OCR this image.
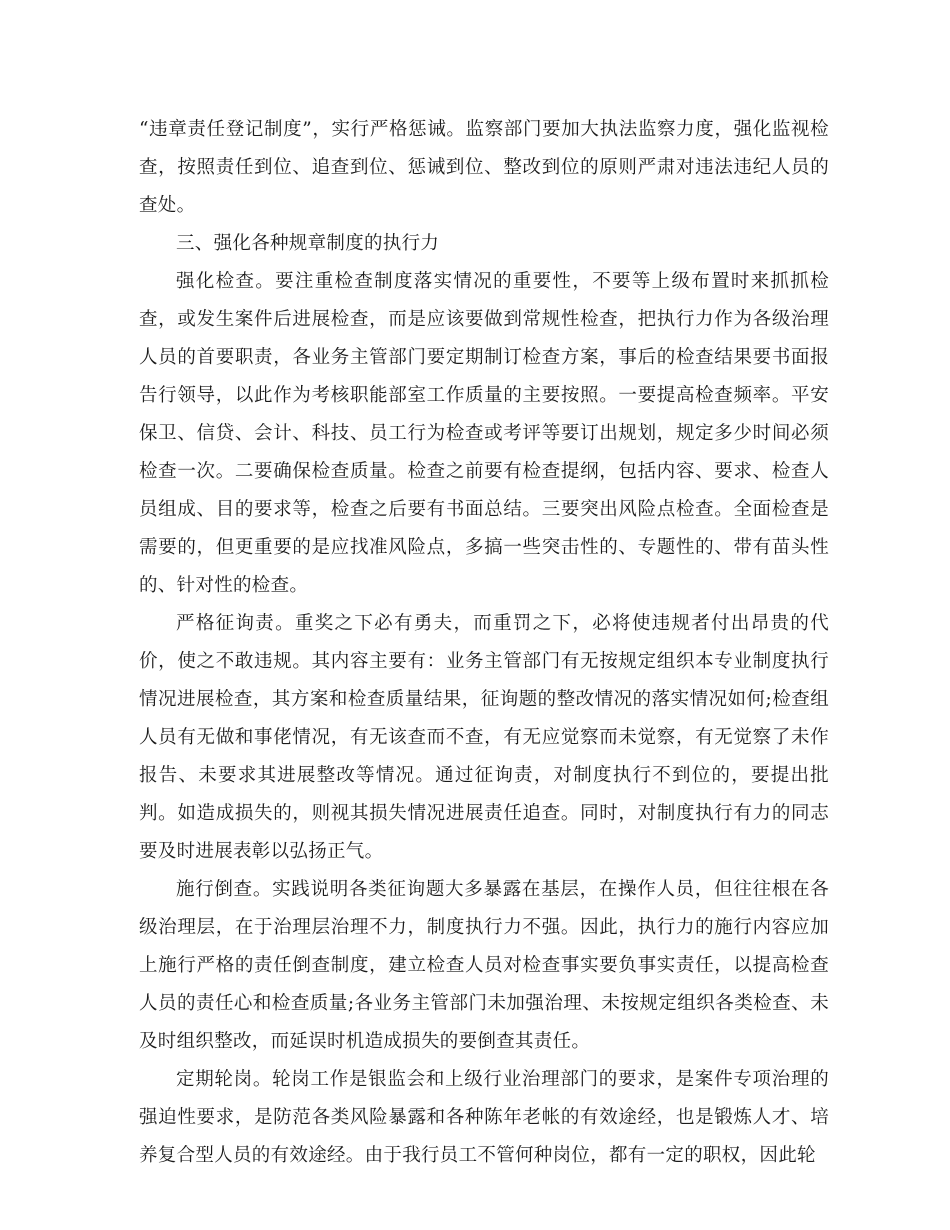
“违章责任登记制度”，实行严格惩诫。监察部门要加大执法监察力度，强化监视检查，按照责任到位、追查到位、惩诫到位、整改到位的原则严肃对违法违纪人员的查处。

三、强化各种规章制度的执行力

强化检查。要注重检查制度落实情况的重要性，不要等上级布置时来抓抓检查，或发生案件后进展检查，而是应该要做到常规性检查，把执行力作为各级治理人员的首要职责，各业务主管部门要定期制订检查方案，事后的检查结果要书面报告行领导，以此作为考核职能部室工作质量的主要按照。一要提高检查频率。平安保卫、信贷、会计、科技、员工行为检查或考评等要订出规划，规定多少时间必须检查一次。二要确保检查质量。检查之前要有检查提纲，包括内容、要求、检查人员组成、目的要求等，检查之后要有书面总结。三要突出风险点检查。全面检查是需要的，但更重要的是应找准风险点，多搞一些突击性的、专题性的、带有苗头性的、针对性的检查。

严格征询责。重奖之下必有勇夫，而重罚之下，必将使违规者付出昂贵的代价，使之不敢违规。其内容主要有：业务主管部门有无按规定组织本专业制度执行情况进展检查，其方案和检查质量结果，征询题的整改情况的落实情况如何;检查组人员有无做和事佬情况，有无该查而不查，有无应觉察而未觉察，有无觉察了未作报告、未要求其进展整改等情况。通过征询责，对制度执行不到位的，要提出批判。如造成损失的，则视其损失情况进展责任追查。同时，对制度执行有力的同志要及时进展表彰以弘扬正气。

施行倒查。实践说明各类征询题大多暴露在基层，在操作人员，但往往根在各级治理层，在于治理层治理不力，制度执行力不强。因此，执行力的施行内容应加上施行严格的责任倒查制度，建立检查人员对检查事实要负事实责任，以提高检查人员的责任心和检查质量;各业务主管部门未加强治理、未按规定组织各类检查、未及时组织整改，而延误时机造成损失的要倒查其责任。

定期轮岗。轮岗工作是银监会和上级行业治理部门的要求，是案件专项治理的强迫性要求，是防范各类风险暴露和各种陈年老帐的有效途经，也是锻炼人才、培养复合型人员的有效途经。由于我行员工不管何种岗位，都有一定的职权，因此轮
